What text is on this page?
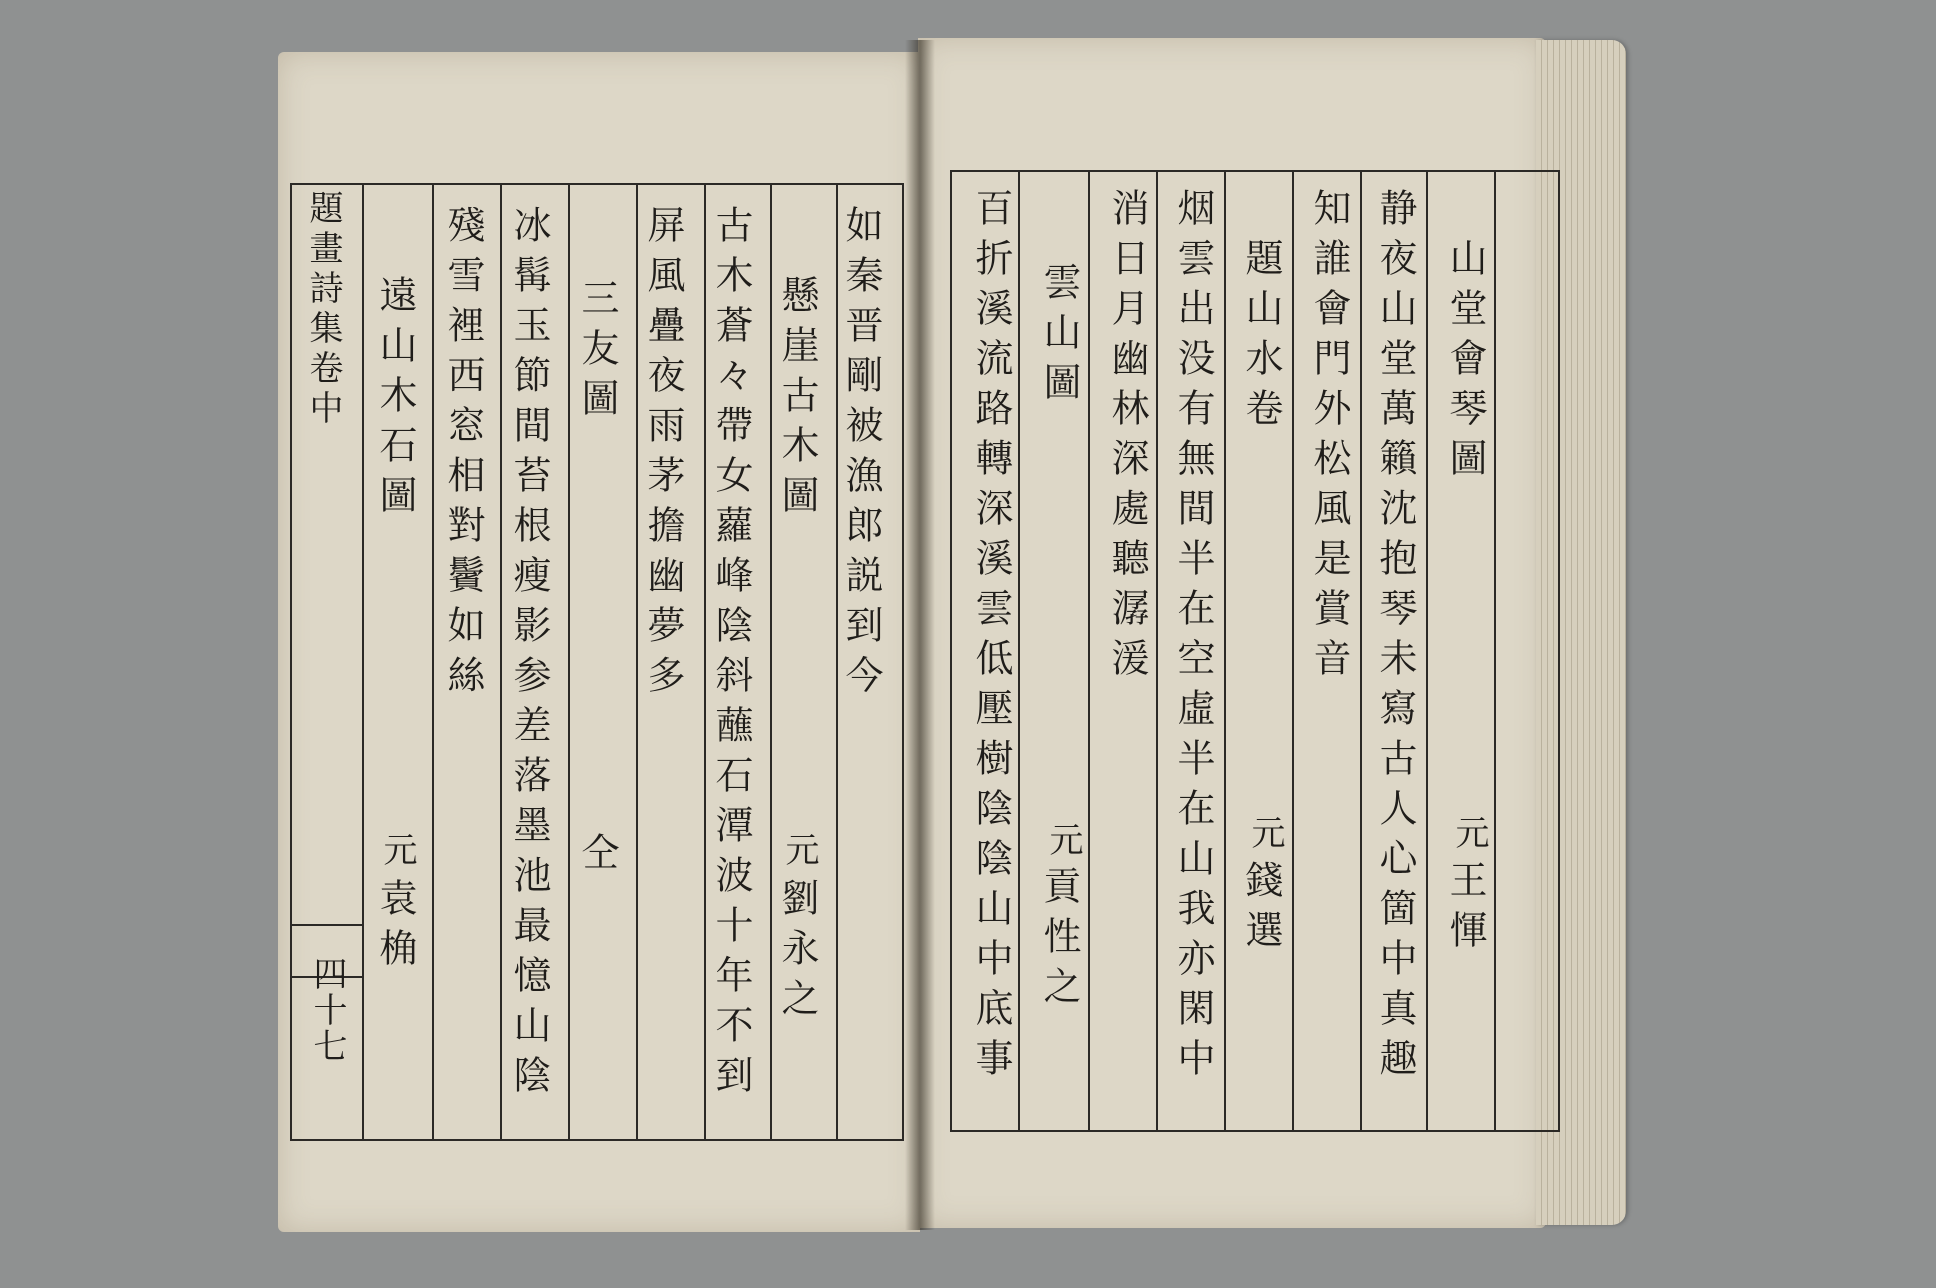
題畫詩集卷中
四十七
如秦晋剛被漁郎説到今
懸崖古木圖
元
劉永之
古木蒼々帶女蘿峰陰斜蘸石潭波十年不到
屏風疊夜雨茅擔幽夢多
三友圖
仝
冰髯玉節間苔根瘦影参差落墨池最憶山陰
殘雪裡西窓相對鬢如絲
遠山木石圖
元
袁桷
山堂會琴圖
元
王惲
静夜山堂萬籟沈抱琴未寫古人心箇中真趣
知誰會門外松風是賞音
題山水卷
元
錢選
烟雲出没有無間半在空虛半在山我亦閑中
消日月幽林深處聽潺湲
雲山圖
元
貢性之
百折溪流路轉深溪雲低壓樹陰陰山中底事
